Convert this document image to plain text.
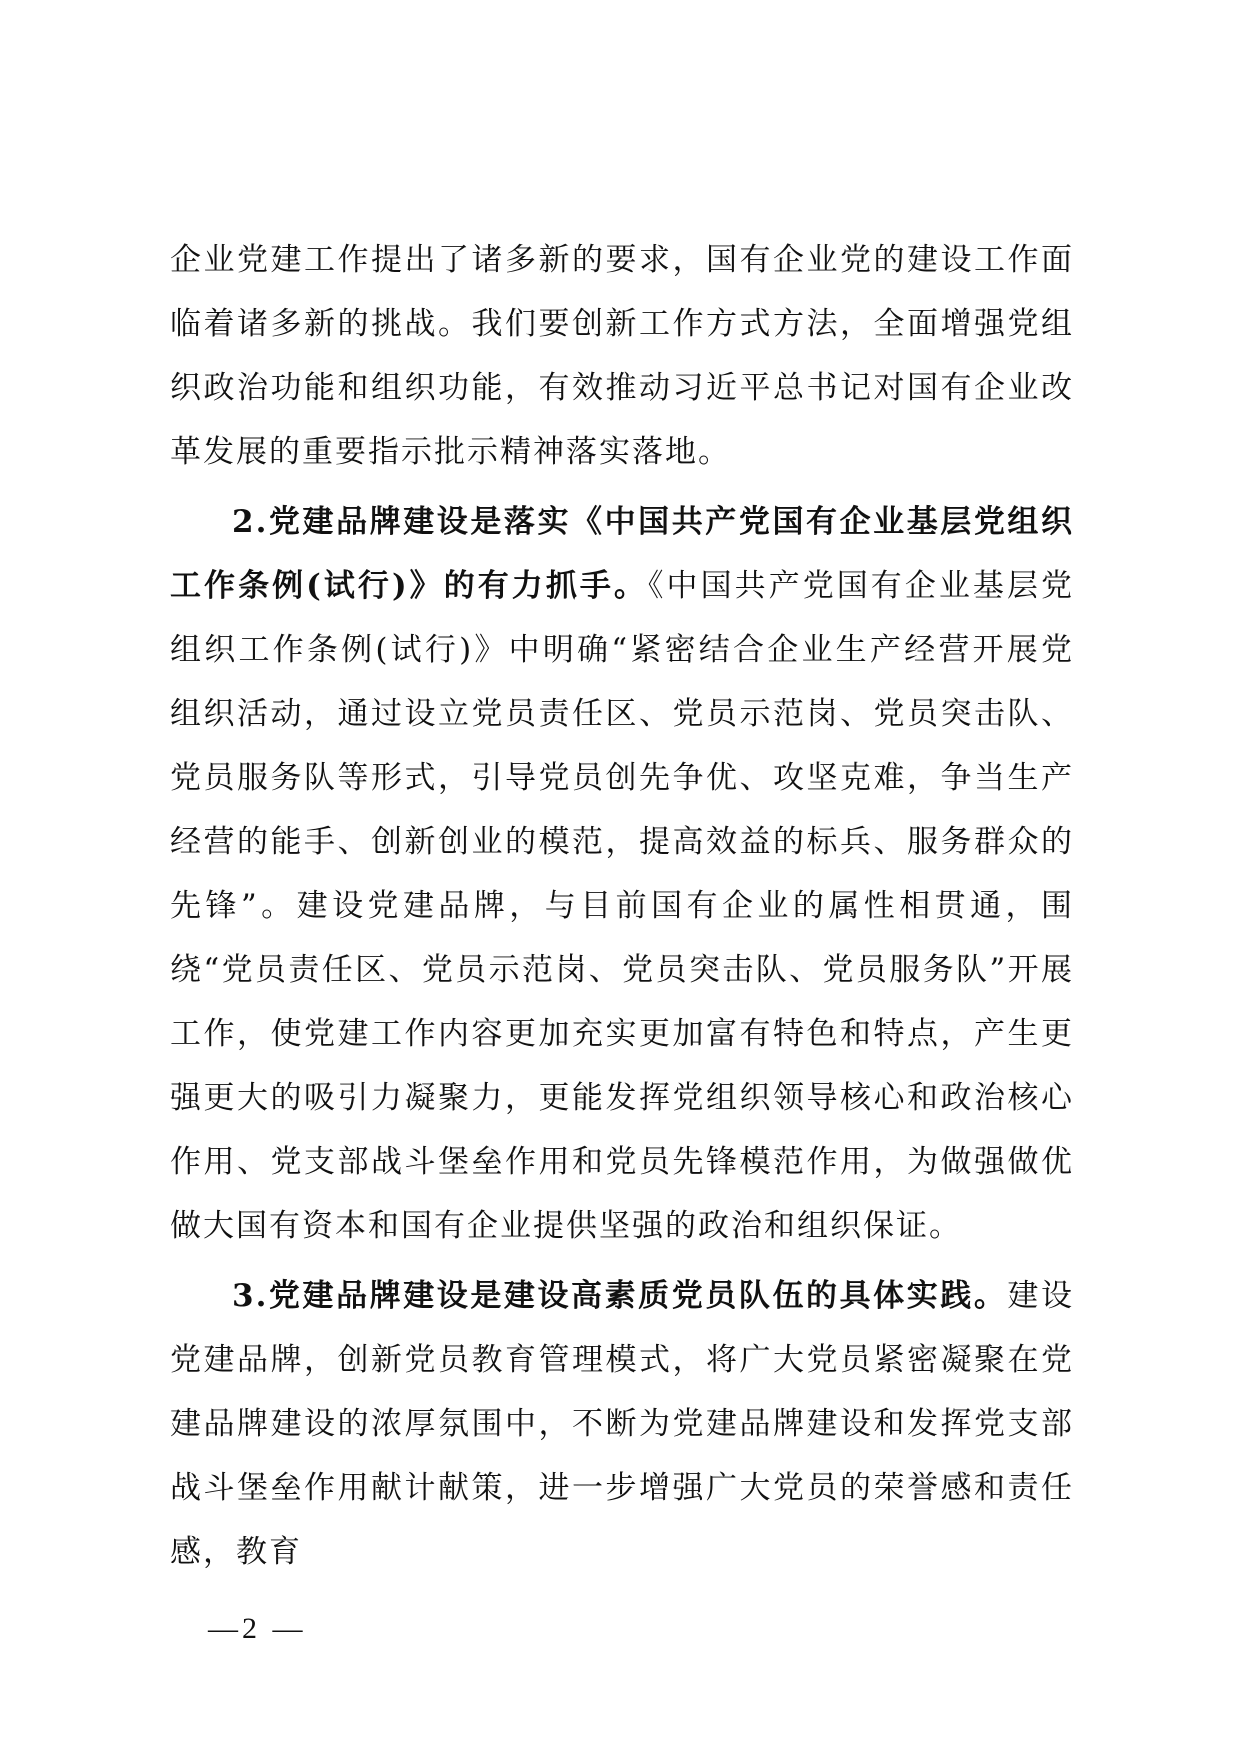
企业党建工作提出了诸多新的要求，国有企业党的建设工作面临着诸多新的挑战。我们要创新工作方式方法，全面增强党组织政治功能和组织功能，有效推动习近平总书记对国有企业改革发展的重要指示批示精神落实落地。

2.党建品牌建设是落实《中国共产党国有企业基层党组织工作条例(试行)》的有力抓手。《中国共产党国有企业基层党组织工作条例(试行)》中明确“紧密结合企业生产经营开展党组织活动，通过设立党员责任区、党员示范岗、党员突击队、党员服务队等形式，引导党员创先争优、攻坚克难，争当生产经营的能手、创新创业的模范，提高效益的标兵、服务群众的先锋”。建设党建品牌，与目前国有企业的属性相贯通，围绕“党员责任区、党员示范岗、党员突击队、党员服务队”开展工作，使党建工作内容更加充实更加富有特色和特点，产生更强更大的吸引力凝聚力，更能发挥党组织领导核心和政治核心作用、党支部战斗堡垒作用和党员先锋模范作用，为做强做优做大国有资本和国有企业提供坚强的政治和组织保证。

3.党建品牌建设是建设高素质党员队伍的具体实践。建设党建品牌，创新党员教育管理模式，将广大党员紧密凝聚在党建品牌建设的浓厚氛围中，不断为党建品牌建设和发挥党支部战斗堡垒作用献计献策，进一步增强广大党员的荣誉感和责任感，教育

—2 —
